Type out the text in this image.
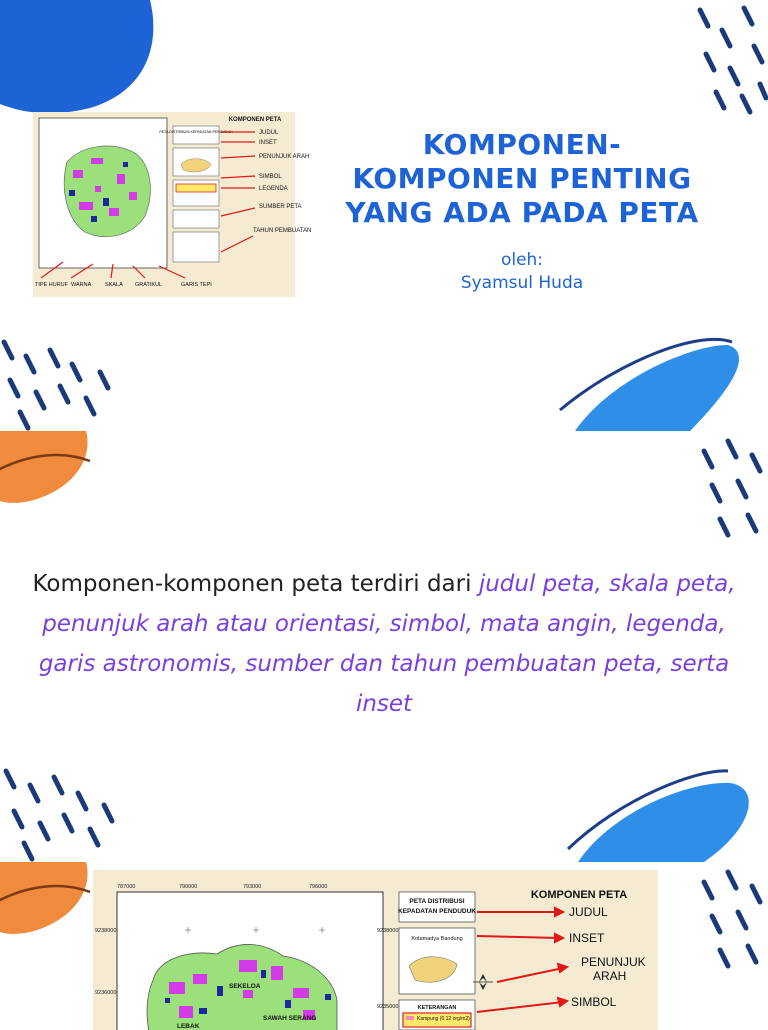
PETA DISTRIBUSI KEPADATAN PENDUDUK
KOMPONEN PETA
JUDUL
INSET
PENUNJUK ARAH
SIMBOL
LEGENDA
SUMBER PETA
TAHUN PEMBUATAN
TIPE HURUF WARNA SKALA GRATIKUL	GARIS TEPI
KOMPONEN-
KOMPONEN PENTING
YANG ADA PADA PETA
oleh:
Syamsul Huda

Komponen-komponen peta terdiri dari judul peta, skala peta, penunjuk arah atau orientasi, simbol, mata angin, legenda, garis astronomis, sumber dan tahun pembuatan peta, serta inset

787000	790000	793000	796000
9238000
9236000
9238000
9235000
SEKELOA
LEBAK
SAWAH SERANG
PETA DISTRIBUSI
KEPADATAN PENDUDUK
Kotamadya Bandung
KETERANGAN
Kampung (0.12 org/m2)
KOMPONEN PETA
JUDUL
INSET
PENUNJUK
ARAH
SIMBOL
